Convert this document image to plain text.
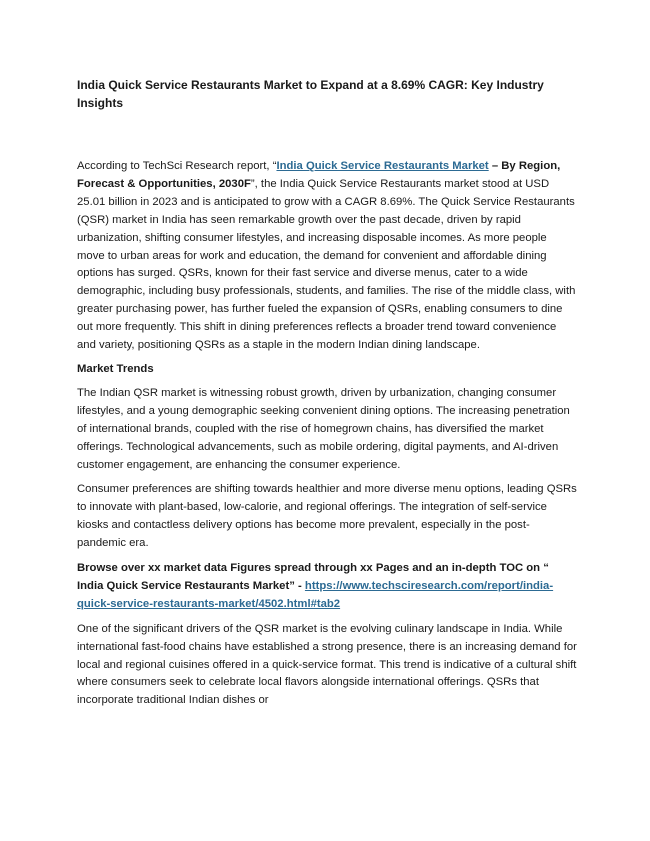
India Quick Service Restaurants Market to Expand at a 8.69% CAGR: Key Industry Insights

According to TechSci Research report, “India Quick Service Restaurants Market – By Region, Forecast & Opportunities, 2030F”, the India Quick Service Restaurants market stood at USD 25.01 billion in 2023 and is anticipated to grow with a CAGR 8.69%. The Quick Service Restaurants (QSR) market in India has seen remarkable growth over the past decade, driven by rapid urbanization, shifting consumer lifestyles, and increasing disposable incomes. As more people move to urban areas for work and education, the demand for convenient and affordable dining options has surged. QSRs, known for their fast service and diverse menus, cater to a wide demographic, including busy professionals, students, and families. The rise of the middle class, with greater purchasing power, has further fueled the expansion of QSRs, enabling consumers to dine out more frequently. This shift in dining preferences reflects a broader trend toward convenience and variety, positioning QSRs as a staple in the modern Indian dining landscape.

Market Trends

The Indian QSR market is witnessing robust growth, driven by urbanization, changing consumer lifestyles, and a young demographic seeking convenient dining options. The increasing penetration of international brands, coupled with the rise of homegrown chains, has diversified the market offerings. Technological advancements, such as mobile ordering, digital payments, and AI-driven customer engagement, are enhancing the consumer experience.

Consumer preferences are shifting towards healthier and more diverse menu options, leading QSRs to innovate with plant-based, low-calorie, and regional offerings. The integration of self-service kiosks and contactless delivery options has become more prevalent, especially in the post-pandemic era.

Browse over xx market data Figures spread through xx Pages and an in-depth TOC on “ India Quick Service Restaurants Market” - https://www.techsciresearch.com/report/india-quick-service-restaurants-market/4502.html#tab2

One of the significant drivers of the QSR market is the evolving culinary landscape in India. While international fast-food chains have established a strong presence, there is an increasing demand for local and regional cuisines offered in a quick-service format. This trend is indicative of a cultural shift where consumers seek to celebrate local flavors alongside international offerings. QSRs that incorporate traditional Indian dishes or
